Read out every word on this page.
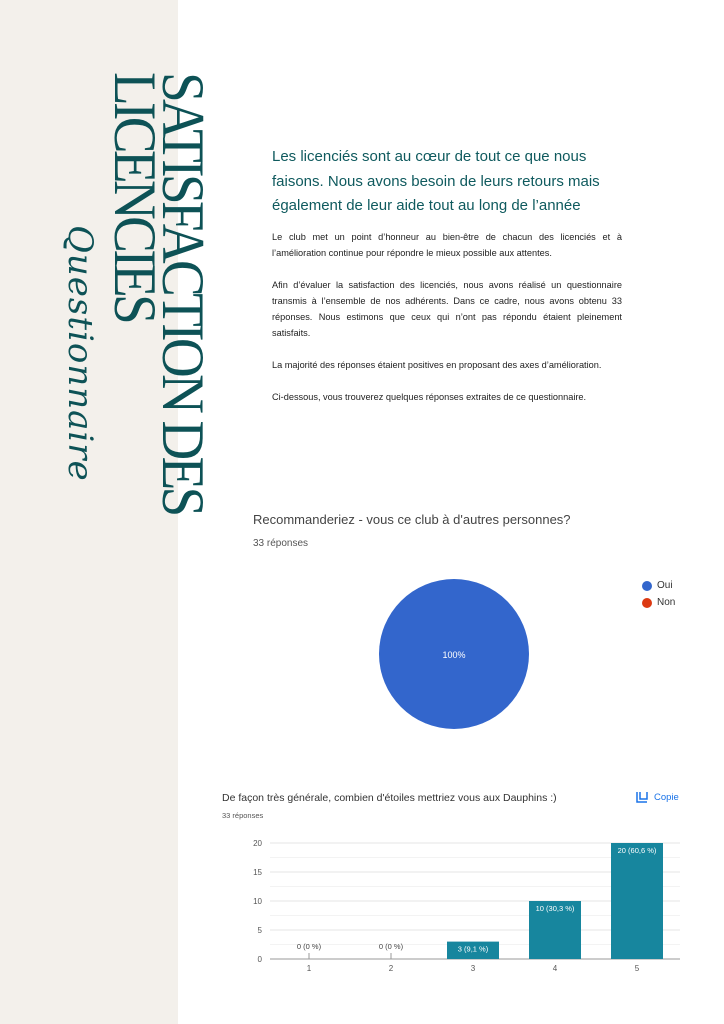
SATISFACTION DES
LICENCIES
Questionnaire
Les licenciés sont au cœur de tout ce que nous faisons. Nous avons besoin de leurs retours mais également de leur aide tout au long de l’année

Le club met un point d’honneur au bien-être de chacun des licenciés et à l’amélioration continue pour répondre le mieux possible aux attentes.

Afin d’évaluer la satisfaction des licenciés, nous avons réalisé un questionnaire transmis à l’ensemble de nos adhérents. Dans ce cadre, nous avons obtenu 33 réponses. Nous estimons que ceux qui n’ont pas répondu étaient pleinement satisfaits.

La majorité des réponses étaient positives en proposant des axes d’amélioration.

Ci-dessous, vous trouverez quelques réponses extraites de ce questionnaire.

Recommanderiez - vous ce club à d'autres personnes?
33 réponses
Oui
Non
De façon très générale, combien d'étoiles mettriez vous aux Dauphins :)
33 réponses
Copie
100%
0
5
10
15
20
0 (0 %)
1
0 (0 %)
2
3 (9,1 %)
3
10 (30,3 %)
4
20 (60,6 %)
5
